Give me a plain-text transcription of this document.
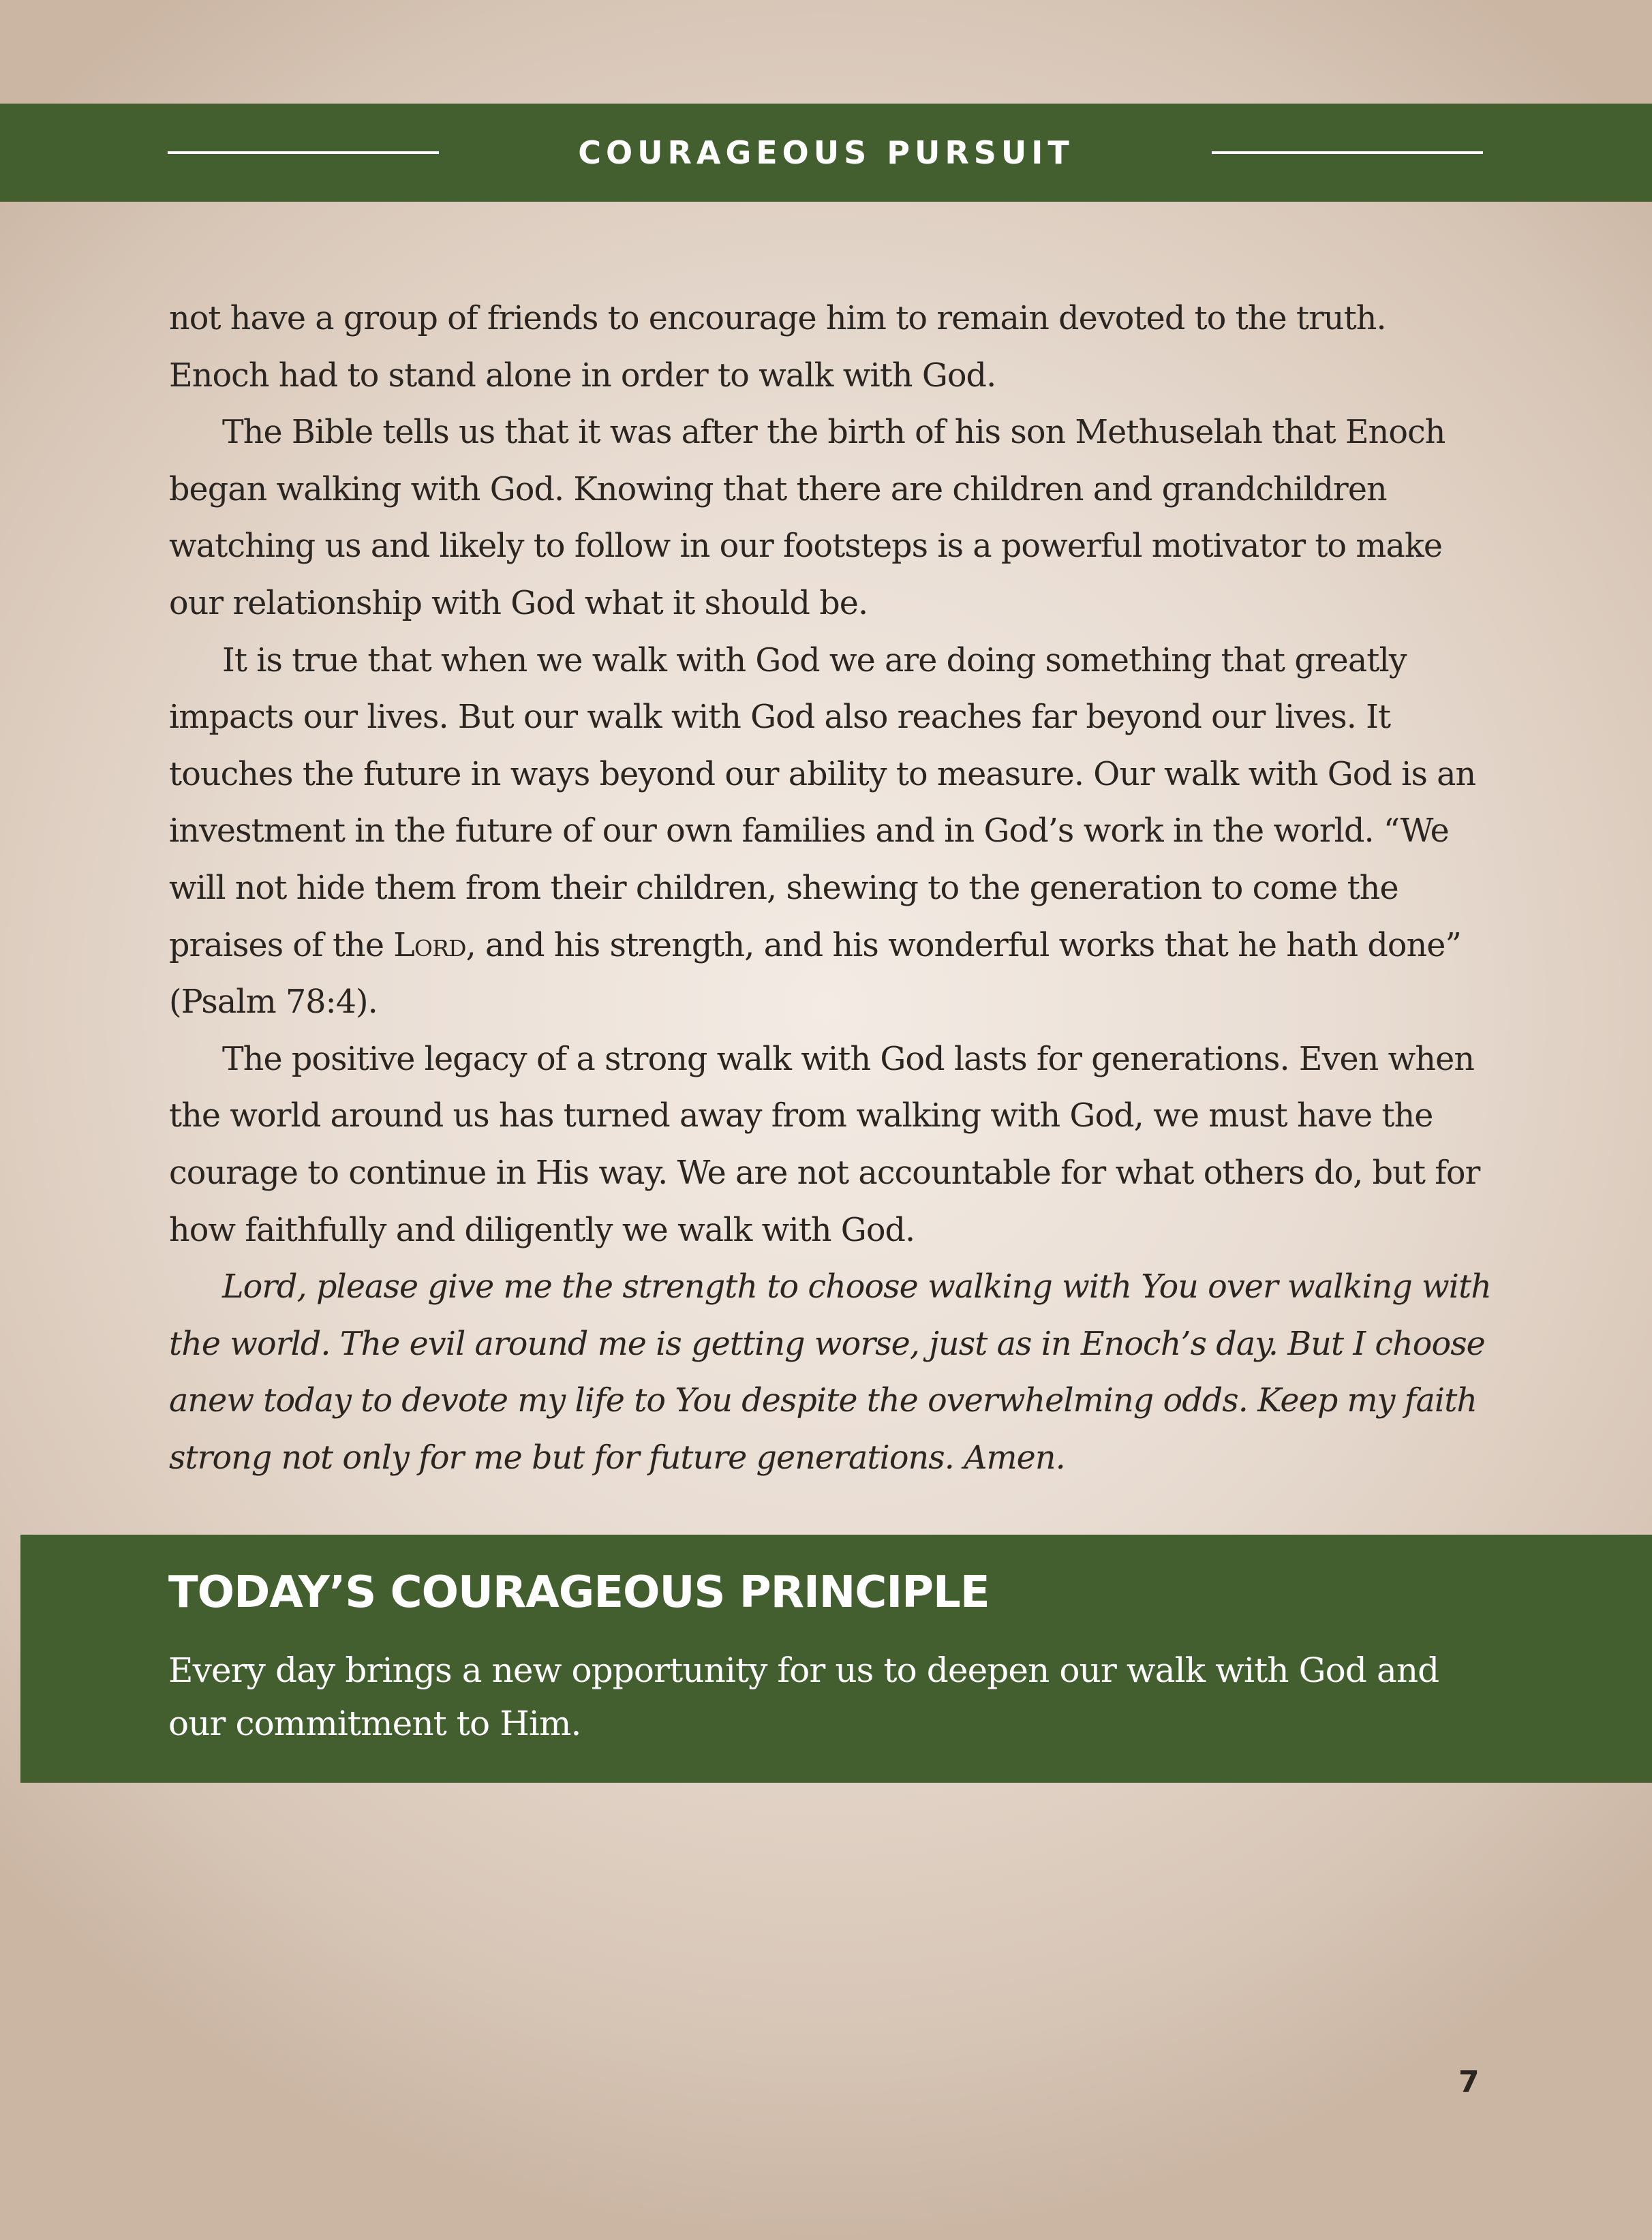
COURAGEOUS PURSUIT

not have a group of friends to encourage him to remain devoted to the truth. Enoch had to stand alone in order to walk with God.

The Bible tells us that it was after the birth of his son Methuselah that Enoch began walking with God. Knowing that there are children and grandchildren watching us and likely to follow in our footsteps is a powerful motivator to make our relationship with God what it should be.

It is true that when we walk with God we are doing something that greatly impacts our lives. But our walk with God also reaches far beyond our lives. It touches the future in ways beyond our ability to measure. Our walk with God is an investment in the future of our own families and in God’s work in the world. “We will not hide them from their children, shewing to the generation to come the praises of the Lord, and his strength, and his wonderful works that he hath done” (Psalm 78:4).

The positive legacy of a strong walk with God lasts for generations. Even when the world around us has turned away from walking with God, we must have the courage to continue in His way. We are not accountable for what others do, but for how faithfully and diligently we walk with God.

Lord, please give me the strength to choose walking with You over walking with the world. The evil around me is getting worse, just as in Enoch’s day. But I choose anew today to devote my life to You despite the overwhelming odds. Keep my faith strong not only for me but for future generations. Amen.

TODAY’S COURAGEOUS PRINCIPLE

Every day brings a new opportunity for us to deepen our walk with God and our commitment to Him.

7
